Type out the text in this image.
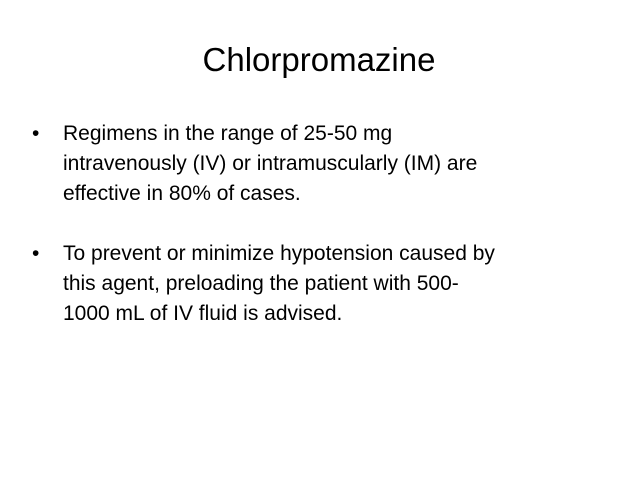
Chlorpromazine
•	Regimens in the range of 25-50 mg
intravenously (IV) or intramuscularly (IM) are
effective in 80% of cases.
•	To prevent or minimize hypotension caused by
this agent, preloading the patient with 500-
1000 mL of IV fluid is advised.
